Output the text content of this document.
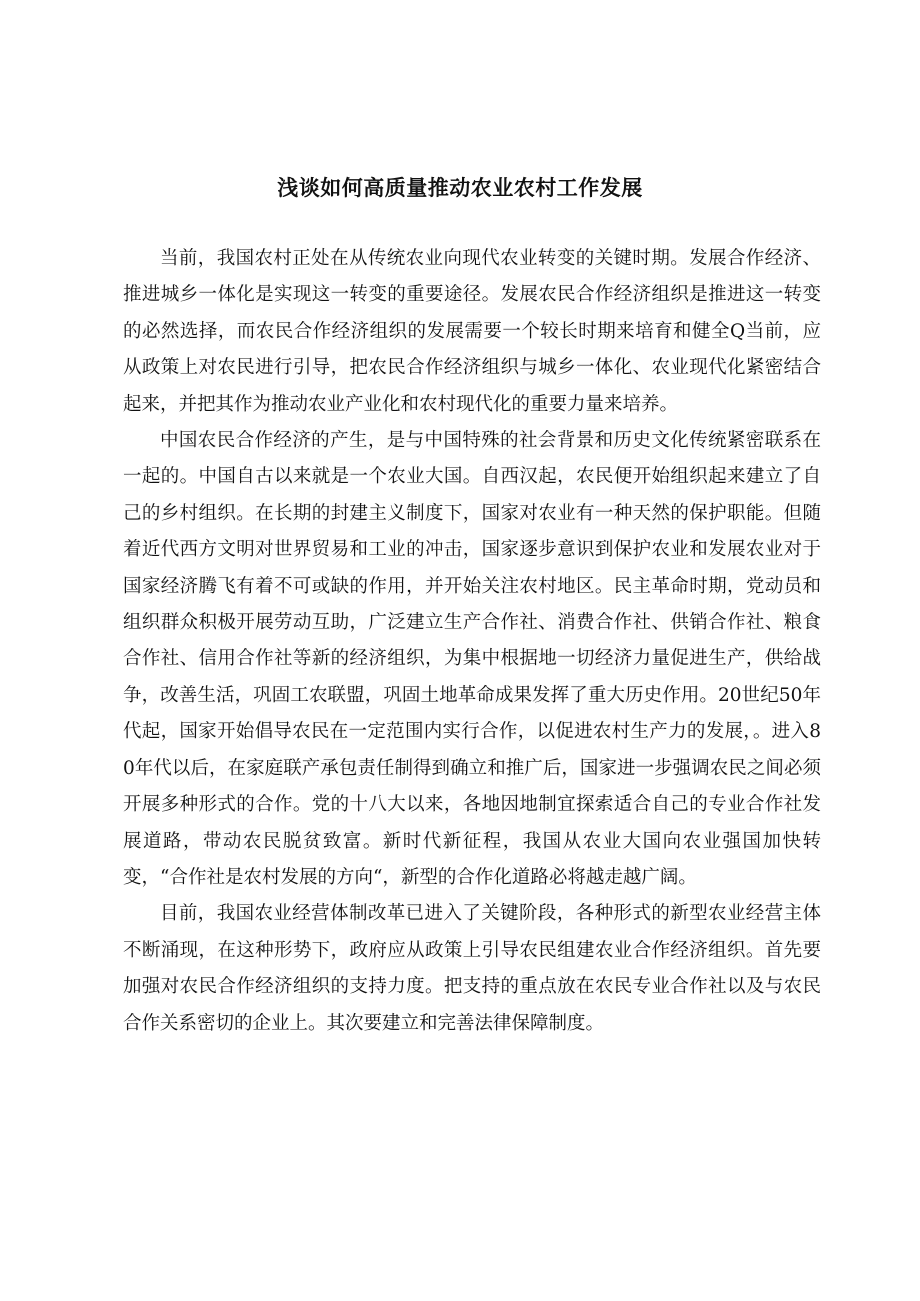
浅谈如何高质量推动农业农村工作发展

当前，我国农村正处在从传统农业向现代农业转变的关键时期。发展合作经济、推进城乡一体化是实现这一转变的重要途径。发展农民合作经济组织是推进这一转变的必然选择，而农民合作经济组织的发展需要一个较长时期来培育和健全Q当前，应从政策上对农民进行引导，把农民合作经济组织与城乡一体化、农业现代化紧密结合起来，并把其作为推动农业产业化和农村现代化的重要力量来培养。

中国农民合作经济的产生，是与中国特殊的社会背景和历史文化传统紧密联系在一起的。中国自古以来就是一个农业大国。自西汉起，农民便开始组织起来建立了自己的乡村组织。在长期的封建主义制度下，国家对农业有一种天然的保护职能。但随着近代西方文明对世界贸易和工业的冲击，国家逐步意识到保护农业和发展农业对于国家经济腾飞有着不可或缺的作用，并开始关注农村地区。民主革命时期，党动员和组织群众积极开展劳动互助，广泛建立生产合作社、消费合作社、供销合作社、粮食合作社、信用合作社等新的经济组织，为集中根据地一切经济力量促进生产，供给战争，改善生活，巩固工农联盟，巩固土地革命成果发挥了重大历史作用。20世纪50年代起，国家开始倡导农民在一定范围内实行合作，以促进农村生产力的发展，。进入80年代以后，在家庭联产承包责任制得到确立和推广后，国家进一步强调农民之间必须开展多种形式的合作。党的十八大以来，各地因地制宜探索适合自己的专业合作社发展道路，带动农民脱贫致富。新时代新征程，我国从农业大国向农业强国加快转变，“合作社是农村发展的方向“，新型的合作化道路必将越走越广阔。

目前，我国农业经营体制改革已进入了关键阶段，各种形式的新型农业经营主体不断涌现，在这种形势下，政府应从政策上引导农民组建农业合作经济组织。首先要加强对农民合作经济组织的支持力度。把支持的重点放在农民专业合作社以及与农民合作关系密切的企业上。其次要建立和完善法律保障制度。
